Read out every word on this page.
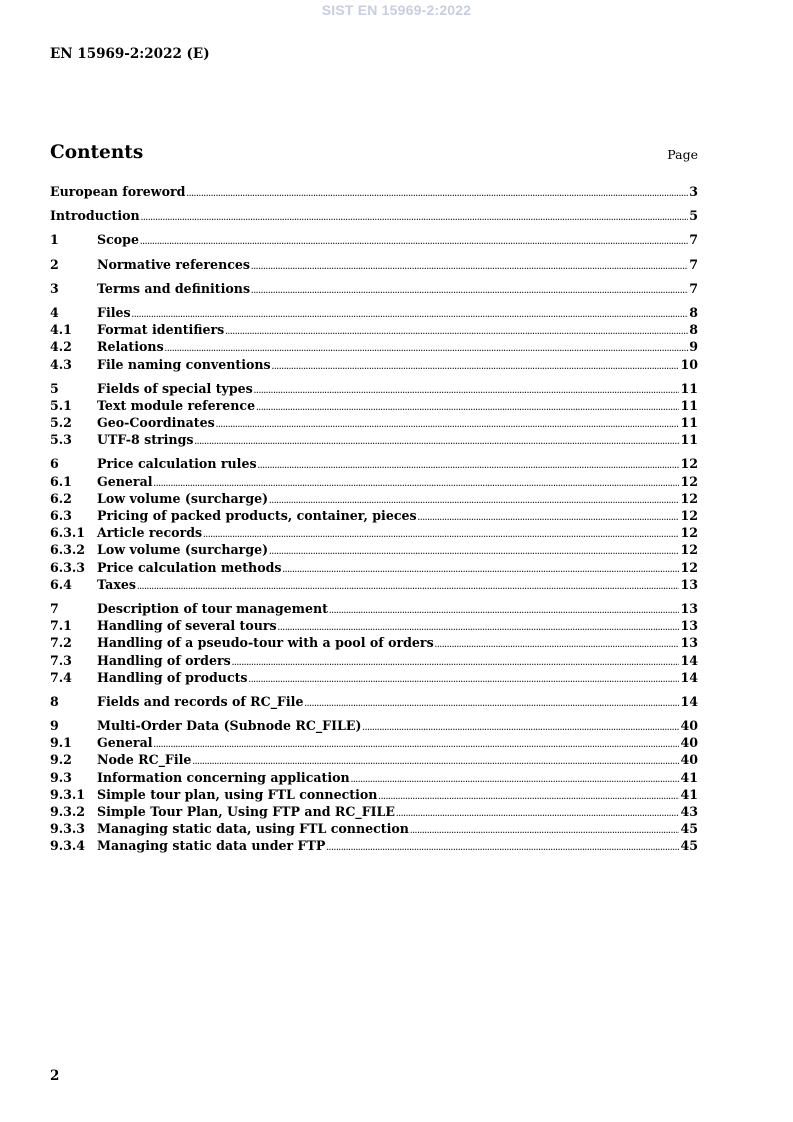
SIST EN 15969-2:2022
EN 15969-2:2022 (E)
Contents	Page
European foreword .....	3
Introduction .....	5
1	Scope .....	7
2	Normative references .....	7
3	Terms and definitions .....	7
4	Files .....	8
4.1	Format identifiers .....	8
4.2	Relations .....	9
4.3	File naming conventions .....	10
5	Fields of special types .....	11
5.1	Text module reference .....	11
5.2	Geo-Coordinates .....	11
5.3	UTF-8 strings .....	11
6	Price calculation rules .....	12
6.1	General .....	12
6.2	Low volume (surcharge) .....	12
6.3	Pricing of packed products, container, pieces .....	12
6.3.1 Article records .....	12
6.3.2 Low volume (surcharge) .....	12
6.3.3 Price calculation methods .....	12
6.4	Taxes .....	13
7	Description of tour management .....	13
7.1	Handling of several tours .....	13
7.2	Handling of a pseudo-tour with a pool of orders .....	13
7.3	Handling of orders .....	14
7.4	Handling of products .....	14
8	Fields and records of RC_File .....	14
9	Multi-Order Data (Subnode RC_FILE) .....	40
9.1	General .....	40
9.2	Node RC_File .....	40
9.3	Information concerning application .....	41
9.3.1 Simple tour plan, using FTL connection .....	41
9.3.2 Simple Tour Plan, Using FTP and RC_FILE .....	43
9.3.3 Managing static data, using FTL connection .....	45
9.3.4 Managing static data under FTP .....	45
2
